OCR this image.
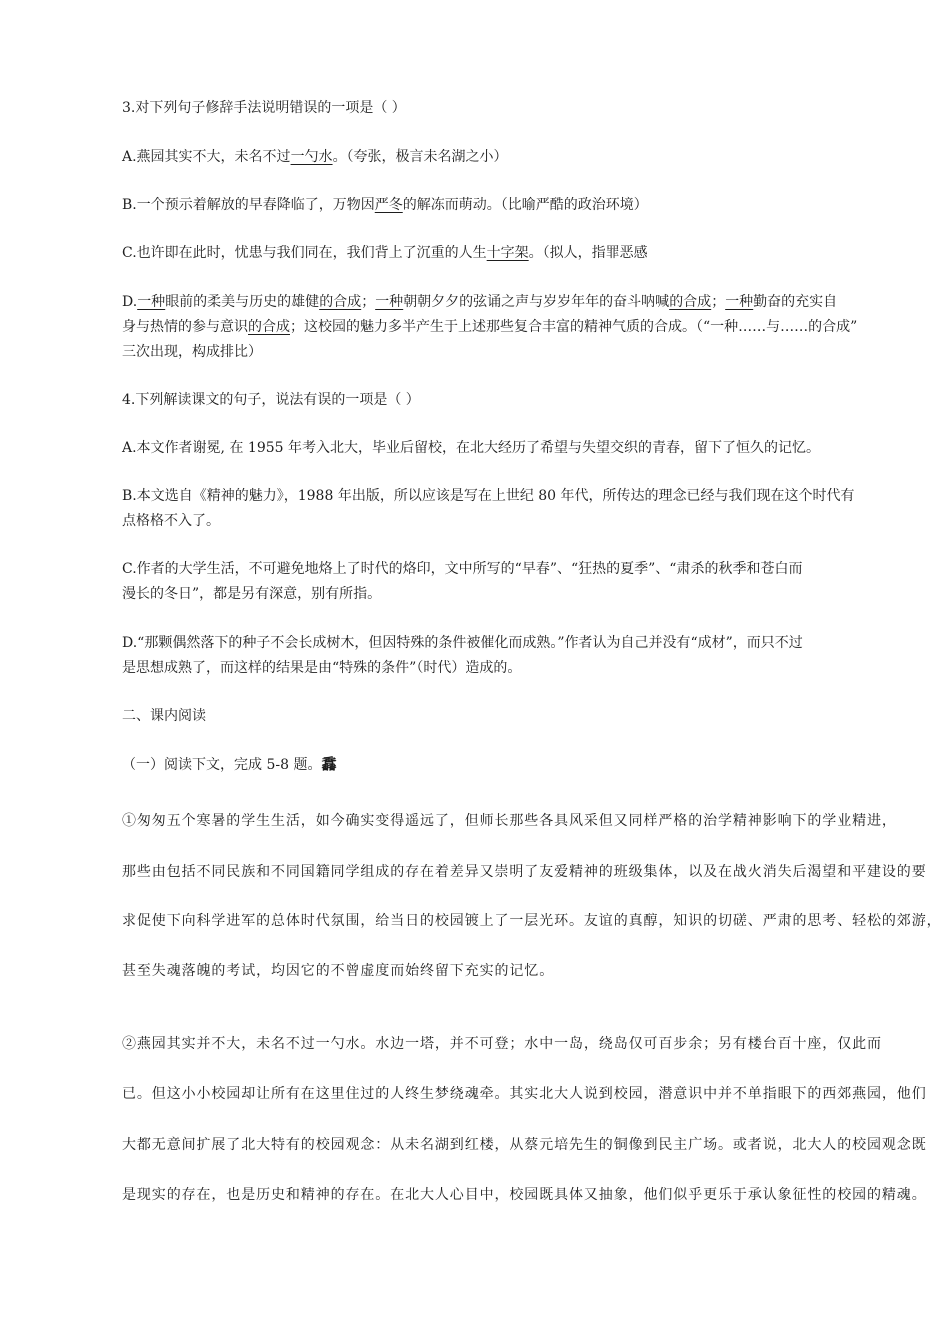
3.对下列句子修辞手法说明错误的一项是（ ）
A.燕园其实不大，未名不过一勺水。（夸张，极言未名湖之小）
B.一个预示着解放的早春降临了，万物因严冬的解冻而萌动。（比喻严酷的政治环境）
C.也许即在此时，忧患与我们同在，我们背上了沉重的人生十字架。（拟人，指罪恶感
D.一种眼前的柔美与历史的雄健的合成；一种朝朝夕夕的弦诵之声与岁岁年年的奋斗呐喊的合成；一种勤奋的充实自
身与热情的参与意识的合成；这校园的魅力多半产生于上述那些复合丰富的精神气质的合成。（“一种……与……的合成”
三次出现，构成排比）
4.下列解读课文的句子，说法有误的一项是（ ）
A.本文作者谢冕, 在 1955 年考入北大，毕业后留校，在北大经历了希望与失望交织的青春，留下了恒久的记忆。
B.本文选自《精神的魅力》，1988 年出版，所以应该是写在上世纪 80 年代，所传达的理念已经与我们现在这个时代有
点格格不入了。
C.作者的大学生活，不可避免地烙上了时代的烙印，文中所写的“早春”、“狂热的夏季”、“肃杀的秋季和苍白而
漫长的冬日”，都是另有深意，别有所指。
D.“那颗偶然落下的种子不会长成树木，但因特殊的条件被催化而成熟。”作者认为自己并没有“成材”，而只不过
是思想成熟了，而这样的结果是由“特殊的条件”（时代）造成的。
二、课内阅读
（一）阅读下文，完成 5-8 题。馫
①匆匆五个寒暑的学生生活，如今确实变得遥远了，但师长那些各具风采但又同样严格的治学精神影响下的学业精进，
那些由包括不同民族和不同国籍同学组成的存在着差异又崇明了友爱精神的班级集体，以及在战火消失后渴望和平建设的要
求促使下向科学进军的总体时代氛围，给当日的校园镀上了一层光环。友谊的真醇，知识的切磋、严肃的思考、轻松的郊游，
甚至失魂落魄的考试，均因它的不曾虚度而始终留下充实的记忆。
②燕园其实并不大，未名不过一勺水。水边一塔，并不可登；水中一岛，绕岛仅可百步余；另有楼台百十座，仅此而
已。但这小小校园却让所有在这里住过的人终生梦绕魂牵。其实北大人说到校园，潜意识中并不单指眼下的西郊燕园，他们
大都无意间扩展了北大特有的校园观念：从未名湖到红楼，从蔡元培先生的铜像到民主广场。或者说，北大人的校园观念既
是现实的存在，也是历史和精神的存在。在北大人心目中，校园既具体又抽象，他们似乎更乐于承认象征性的校园的精魂。
